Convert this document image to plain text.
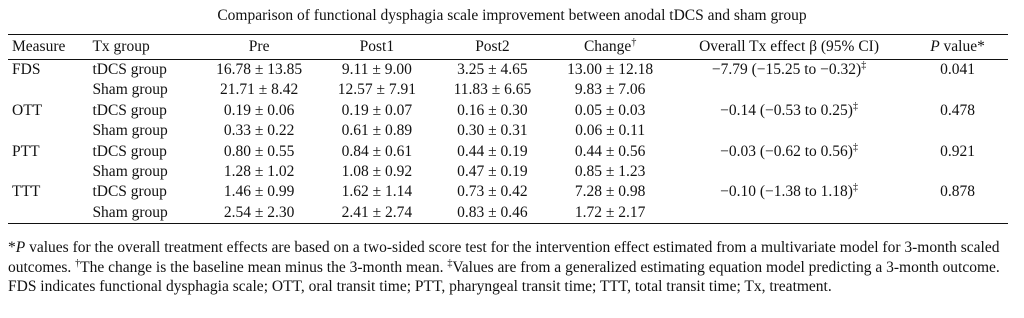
Comparison of functional dysphagia scale improvement between anodal tDCS and sham group
Measure	Tx group	Pre	Post1	Post2	Change†	Overall Tx effect β (95% CI)	P value*
FDS	tDCS group	16.78 ± 13.85	9.11 ± 9.00	3.25 ± 4.65	13.00 ± 12.18	−7.79 (−15.25 to −0.32)‡	0.041
	Sham group	21.71 ± 8.42	12.57 ± 7.91	11.83 ± 6.65	9.83 ± 7.06		
OTT	tDCS group	0.19 ± 0.06	0.19 ± 0.07	0.16 ± 0.30	0.05 ± 0.03	−0.14 (−0.53 to 0.25)‡	0.478
	Sham group	0.33 ± 0.22	0.61 ± 0.89	0.30 ± 0.31	0.06 ± 0.11		
PTT	tDCS group	0.80 ± 0.55	0.84 ± 0.61	0.44 ± 0.19	0.44 ± 0.56	−0.03 (−0.62 to 0.56)‡	0.921
	Sham group	1.28 ± 1.02	1.08 ± 0.92	0.47 ± 0.19	0.85 ± 1.23		
TTT	tDCS group	1.46 ± 0.99	1.62 ± 1.14	0.73 ± 0.42	7.28 ± 0.98	−0.10 (−1.38 to 1.18)‡	0.878
	Sham group	2.54 ± 2.30	2.41 ± 2.74	0.83 ± 0.46	1.72 ± 2.17		

*P values for the overall treatment effects are based on a two-sided score test for the intervention effect estimated from a multivariate model for 3-month scaled outcomes. †The change is the baseline mean minus the 3-month mean. ‡Values are from a generalized estimating equation model predicting a 3-month outcome. FDS indicates functional dysphagia scale; OTT, oral transit time; PTT, pharyngeal transit time; TTT, total transit time; Tx, treatment.
